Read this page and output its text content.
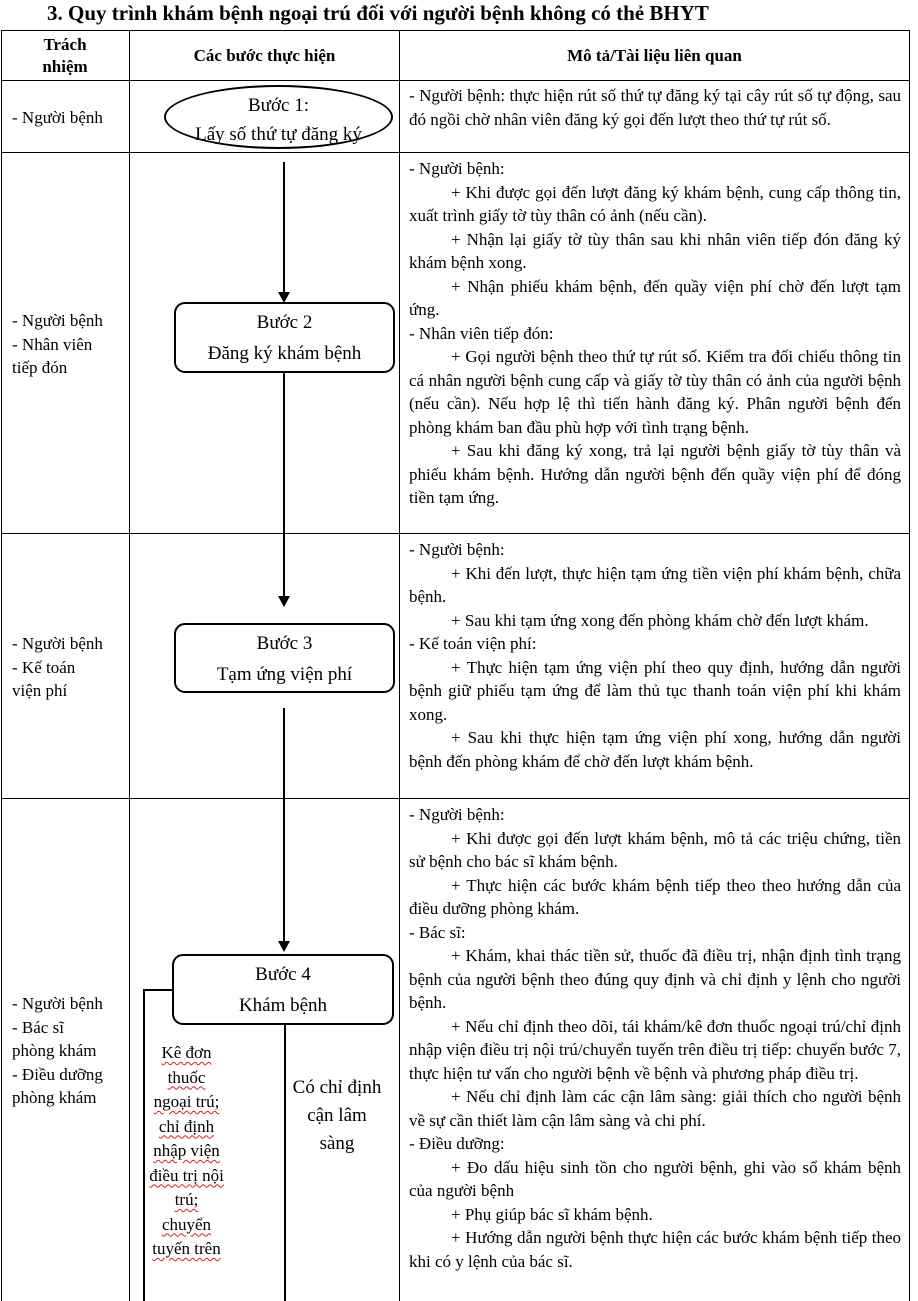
3. Quy trình khám bệnh ngoại trú đối với người bệnh không có thẻ BHYT
Trách
nhiệm
Các bước thực hiện	Mô tả/Tài liệu liên quan
- Người bệnh
Bước 1:
Lấy số thứ tự đăng ký

- Người bệnh: thực hiện rút số thứ tự đăng ký tại cây rút số tự động, sau đó ngồi chờ nhân viên đăng ký gọi đến lượt theo thứ tự rút số.

- Người bệnh
- Nhân viên
tiếp đón
Bước 2
Đăng ký khám bệnh

- Người bệnh:

+ Khi được gọi đến lượt đăng ký khám bệnh, cung cấp thông tin, xuất trình giấy tờ tùy thân có ảnh (nếu cần).

+ Nhận lại giấy tờ tùy thân sau khi nhân viên tiếp đón đăng ký khám bệnh xong.

+ Nhận phiếu khám bệnh, đến quầy viện phí chờ đến lượt tạm ứng.

- Nhân viên tiếp đón:

+ Gọi người bệnh theo thứ tự rút số. Kiểm tra đối chiếu thông tin cá nhân người bệnh cung cấp và giấy tờ tùy thân có ảnh của người bệnh (nếu cần). Nếu hợp lệ thì tiến hành đăng ký. Phân người bệnh đến phòng khám ban đầu phù hợp với tình trạng bệnh.

+ Sau khi đăng ký xong, trả lại người bệnh giấy tờ tùy thân và phiếu khám bệnh. Hướng dẫn người bệnh đến quầy viện phí để đóng tiền tạm ứng.

- Người bệnh
- Kế toán
viện phí
Bước 3
Tạm ứng viện phí

- Người bệnh:

+ Khi đến lượt, thực hiện tạm ứng tiền viện phí khám bệnh, chữa bệnh.

+ Sau khi tạm ứng xong đến phòng khám chờ đến lượt khám.

- Kế toán viện phí:

+ Thực hiện tạm ứng viện phí theo quy định, hướng dẫn người bệnh giữ phiếu tạm ứng để làm thủ tục thanh toán viện phí khi khám xong.

+ Sau khi thực hiện tạm ứng viện phí xong, hướng dẫn người bệnh đến phòng khám để chờ đến lượt khám bệnh.

- Người bệnh
- Bác sĩ
phòng khám
- Điều dưỡng
phòng khám
Bước 4
Khám bệnh
Kê đơn
thuốc
ngoại trú;
chỉ định
nhập viện
điều trị nội
trú;
chuyển
tuyến trên
Có chỉ định
cận lâm
sàng

- Người bệnh:

+ Khi được gọi đến lượt khám bệnh, mô tả các triệu chứng, tiền sử bệnh cho bác sĩ khám bệnh.

+ Thực hiện các bước khám bệnh tiếp theo theo hướng dẫn của điều dưỡng phòng khám.

- Bác sĩ:

+ Khám, khai thác tiền sử, thuốc đã điều trị, nhận định tình trạng bệnh của người bệnh theo đúng quy định và chỉ định y lệnh cho người bệnh.

+ Nếu chỉ định theo dõi, tái khám/kê đơn thuốc ngoại trú/chỉ định nhập viện điều trị nội trú/chuyển tuyến trên điều trị tiếp: chuyển bước 7, thực hiện tư vấn cho người bệnh về bệnh và phương pháp điều trị.

+ Nếu chỉ định làm các cận lâm sàng: giải thích cho người bệnh về sự cần thiết làm cận lâm sàng và chi phí.

- Điều dưỡng:

+ Đo dấu hiệu sinh tồn cho người bệnh, ghi vào sổ khám bệnh của người bệnh

+ Phụ giúp bác sĩ khám bệnh.

+ Hướng dẫn người bệnh thực hiện các bước khám bệnh tiếp theo khi có y lệnh của bác sĩ.
